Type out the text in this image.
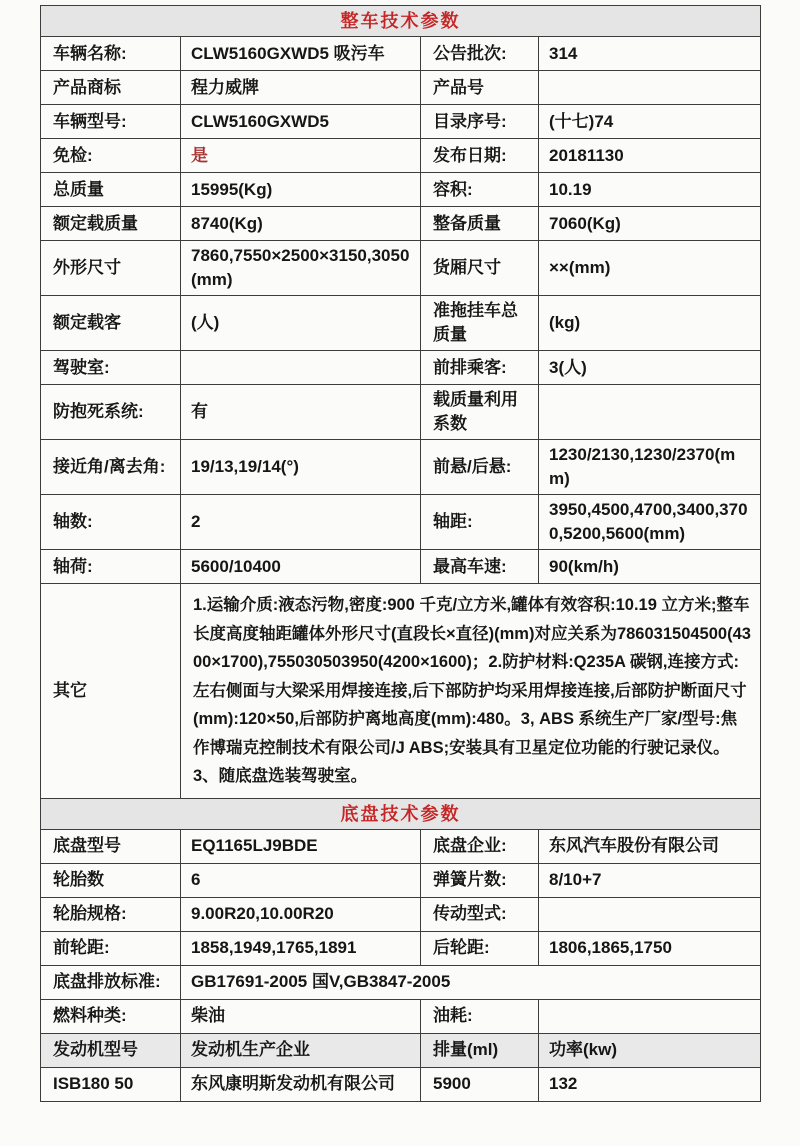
整车技术参数			
车辆名称:	CLW5160GXWD5 吸污车	公告批次:	314
产品商标	程力威牌	产品号	
车辆型号:	CLW5160GXWD5	目录序号:	(十七)74
免检:	是	发布日期:	20181130
总质量	15995(Kg)	容积:	10.19
额定载质量	8740(Kg)	整备质量	7060(Kg)
外形尺寸	7860,7550×2500×3150,3050(mm)	货厢尺寸	××(mm)
额定载客	(人)	准拖挂车总质量	(kg)
驾驶室:		前排乘客:	3(人)
防抱死系统:	有	载质量利用系数	
接近角/离去角:	19/13,19/14(°)	前悬/后悬:	1230/2130,1230/2370(mm)
轴数:	2	轴距:	3950,4500,4700,3400,3700,5200,5600(mm)
轴荷:	5600/10400	最高车速:	90(km/h)
其它	1.运输介质:液态污物,密度:900 千克/立方米,罐体有效容积:10.19 立方米;整车长度高度轴距罐体外形尺寸(直段长×直径)(mm)对应关系为786031504500(4300×1700),755030503950(4200×1600)；2.防护材料:Q235A 碳钢,连接方式:左右侧面与大梁采用焊接连接,后下部防护均采用焊接连接,后部防护断面尺寸(mm):120×50,后部防护离地高度(mm):480。3, ABS 系统生产厂家/型号:焦作博瑞克控制技术有限公司/J ABS;安装具有卫星定位功能的行驶记录仪。3、随底盘选装驾驶室。		
底盘技术参数			
底盘型号	EQ1165LJ9BDE	底盘企业:	东风汽车股份有限公司
轮胎数	6	弹簧片数:	8/10+7
轮胎规格:	9.00R20,10.00R20	传动型式:	
前轮距:	1858,1949,1765,1891	后轮距:	1806,1865,1750
底盘排放标准:	GB17691-2005 国V,GB3847-2005		
燃料种类:	柴油	油耗:	
发动机型号	发动机生产企业	排量(ml)	功率(kw)
ISB180 50	东风康明斯发动机有限公司	5900	132
